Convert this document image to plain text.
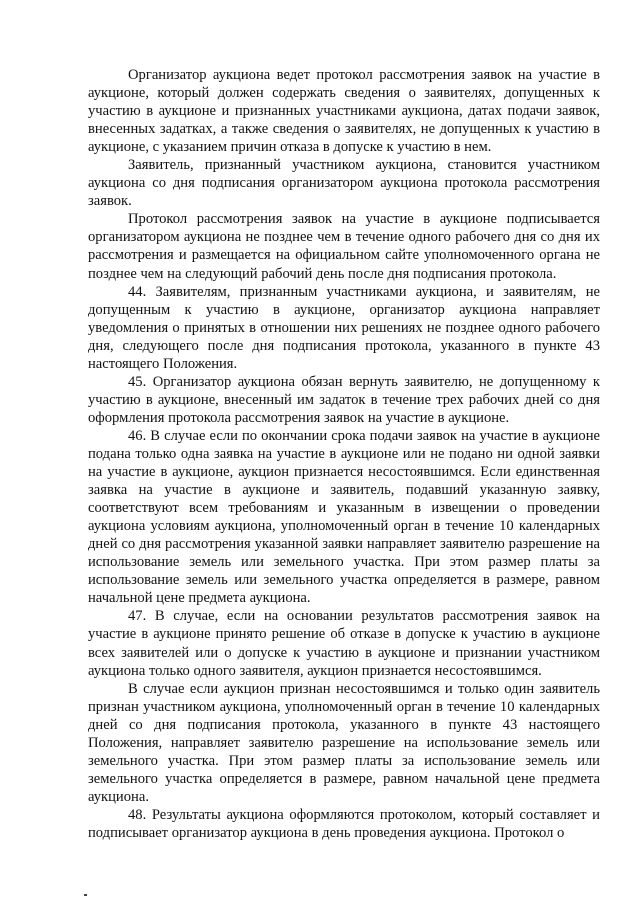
Организатор аукциона ведет протокол рассмотрения заявок на участие в аукционе, который должен содержать сведения о заявителях, допущенных к участию в аукционе и признанных участниками аукциона, датах подачи заявок, внесенных задатках, а также сведения о заявителях, не допущенных к участию в аукционе, с указанием причин отказа в допуске к участию в нем.

Заявитель, признанный участником аукциона, становится участником аукциона со дня подписания организатором аукциона протокола рассмотрения заявок.

Протокол рассмотрения заявок на участие в аукционе подписывается организатором аукциона не позднее чем в течение одного рабочего дня со дня их рассмотрения и размещается на официальном сайте уполномоченного органа не позднее чем на следующий рабочий день после дня подписания протокола.

44. Заявителям, признанным участниками аукциона, и заявителям, не допущенным к участию в аукционе, организатор аукциона направляет уведомления о принятых в отношении них решениях не позднее одного рабочего дня, следующего после дня подписания протокола, указанного в пункте 43 настоящего Положения.

45. Организатор аукциона обязан вернуть заявителю, не допущенному к участию в аукционе, внесенный им задаток в течение трех рабочих дней со дня оформления протокола рассмотрения заявок на участие в аукционе.

46. В случае если по окончании срока подачи заявок на участие в аукционе подана только одна заявка на участие в аукционе или не подано ни одной заявки на участие в аукционе, аукцион признается несостоявшимся. Если единственная заявка на участие в аукционе и заявитель, подавший указанную заявку, соответствуют всем требованиям и указанным в извещении о проведении аукциона условиям аукциона, уполномоченный орган в течение 10 календарных дней со дня рассмотрения указанной заявки направляет заявителю разрешение на использование земель или земельного участка. При этом размер платы за использование земель или земельного участка определяется в размере, равном начальной цене предмета аукциона.

47. В случае, если на основании результатов рассмотрения заявок на участие в аукционе принято решение об отказе в допуске к участию в аукционе всех заявителей или о допуске к участию в аукционе и признании участником аукциона только одного заявителя, аукцион признается несостоявшимся.

В случае если аукцион признан несостоявшимся и только один заявитель признан участником аукциона, уполномоченный орган в течение 10 календарных дней со дня подписания протокола, указанного в пункте 43 настоящего Положения, направляет заявителю разрешение на использование земель или земельного участка. При этом размер платы за использование земель или земельного участка определяется в размере, равном начальной цене предмета аукциона.

48. Результаты аукциона оформляются протоколом, который составляет и подписывает организатор аукциона в день проведения аукциона. Протокол о
